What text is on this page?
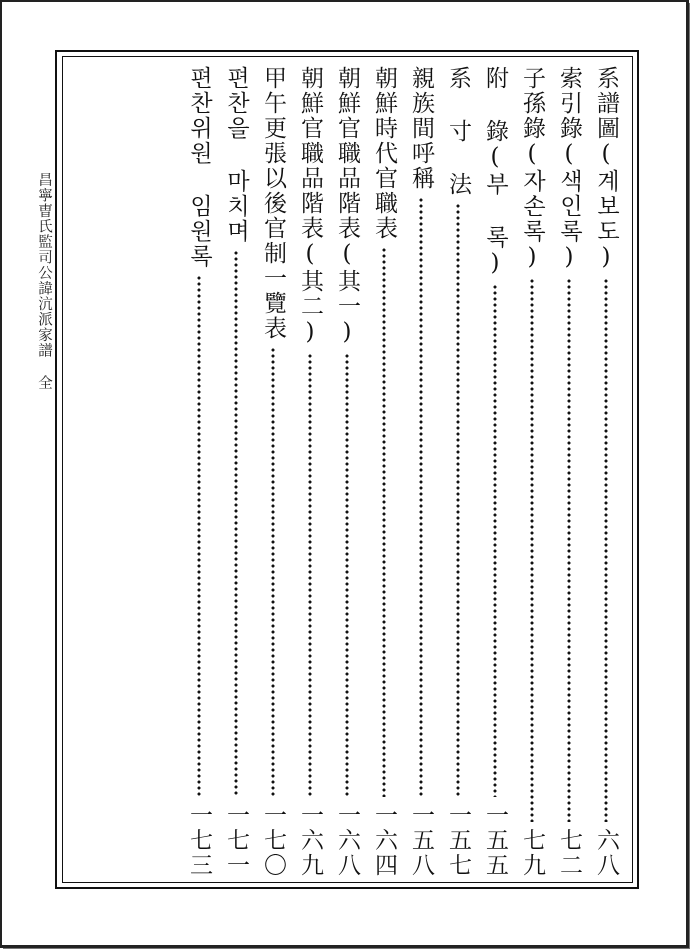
昌寧曺氏監司公諱沆派家譜 全
系譜圖(계보도)
六八
索引錄(색인록)
七二
子孫錄(자손록)
七九
附 錄(부 록)
一五五
系 寸 法
一五七
親族間呼稱
一五八
朝鮮時代官職表
一六四
朝鮮官職品階表(其一)
一六八
朝鮮官職品階表(其二)
一六九
甲午更張以後官制一覽表
一七〇
편찬을 마치며
一七一
편찬위원 임원록
一七三
